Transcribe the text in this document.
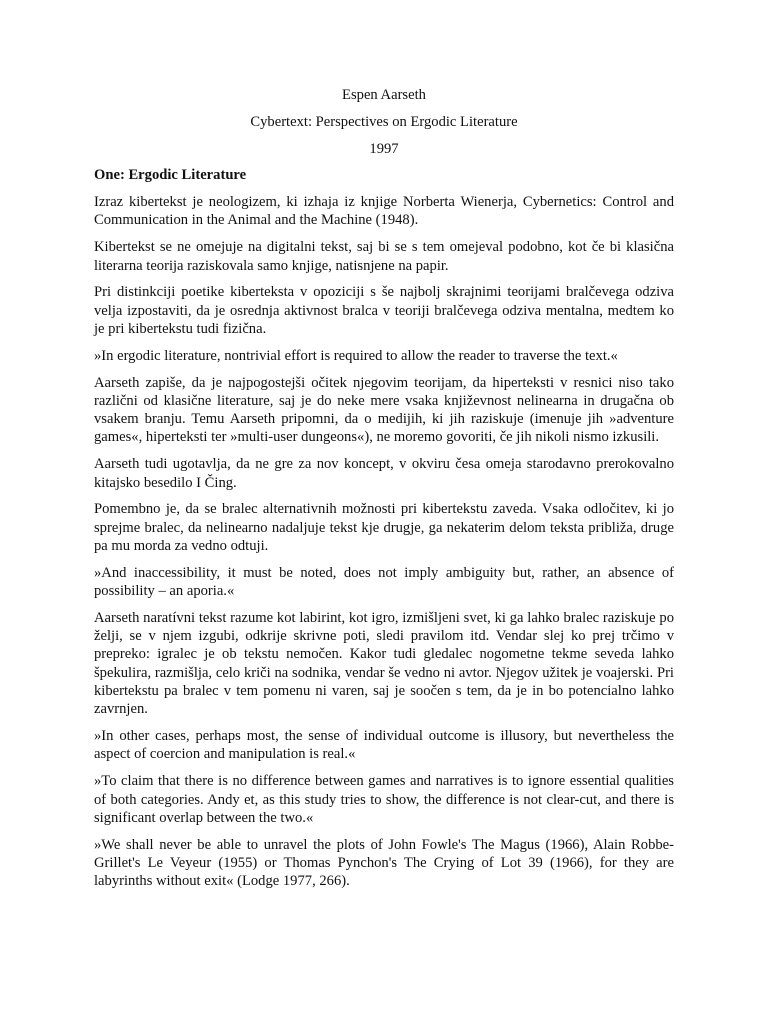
Espen Aarseth

Cybertext: Perspectives on Ergodic Literature

1997

One: Ergodic Literature

Izraz kibertekst je neologizem, ki izhaja iz knjige Norberta Wienerja, Cybernetics: Control and Communication in the Animal and the Machine (1948).

Kibertekst se ne omejuje na digitalni tekst, saj bi se s tem omejeval podobno, kot če bi klasična literarna teorija raziskovala samo knjige, natisnjene na papir.

Pri distinkciji poetike kiberteksta v opoziciji s še najbolj skrajnimi teorijami bralčevega odziva velja izpostaviti, da je osrednja aktivnost bralca v teoriji bralčevega odziva mentalna, medtem ko je pri kibertekstu tudi fizična.

»In ergodic literature, nontrivial effort is required to allow the reader to traverse the text.«

Aarseth zapiše, da je najpogostejši očitek njegovim teorijam, da hiperteksti v resnici niso tako različni od klasične literature, saj je do neke mere vsaka književnost nelinearna in drugačna ob vsakem branju. Temu Aarseth pripomni, da o medijih, ki jih raziskuje (imenuje jih »adventure games«, hiperteksti ter »multi-user dungeons«), ne moremo govoriti, če jih nikoli nismo izkusili.

Aarseth tudi ugotavlja, da ne gre za nov koncept, v okviru česa omeja starodavno prerokovalno kitajsko besedilo I Čing.

Pomembno je, da se bralec alternativnih možnosti pri kibertekstu zaveda. Vsaka odločitev, ki jo sprejme bralec, da nelinearno nadaljuje tekst kje drugje, ga nekaterim delom teksta približa, druge pa mu morda za vedno odtuji.

»And inaccessibility, it must be noted, does not imply ambiguity but, rather, an absence of possibility – an aporia.«

Aarseth naratívni tekst razume kot labirint, kot igro, izmišljeni svet, ki ga lahko bralec raziskuje po želji, se v njem izgubi, odkrije skrivne poti, sledi pravilom itd. Vendar slej ko prej trčimo v prepreko: igralec je ob tekstu nemočen. Kakor tudi gledalec nogometne tekme seveda lahko špekulira, razmišlja, celo kriči na sodnika, vendar še vedno ni avtor. Njegov užitek je voajerski. Pri kibertekstu pa bralec v tem pomenu ni varen, saj je soočen s tem, da je in bo potencialno lahko zavrnjen.

»In other cases, perhaps most, the sense of individual outcome is illusory, but nevertheless the aspect of coercion and manipulation is real.«

»To claim that there is no difference between games and narratives is to ignore essential qualities of both categories. Andy et, as this study tries to show, the difference is not clear-cut, and there is significant overlap between the two.«

»We shall never be able to unravel the plots of John Fowle's The Magus (1966), Alain Robbe-Grillet's Le Veyeur (1955) or Thomas Pynchon's The Crying of Lot 39 (1966), for they are labyrinths without exit« (Lodge 1977, 266).
